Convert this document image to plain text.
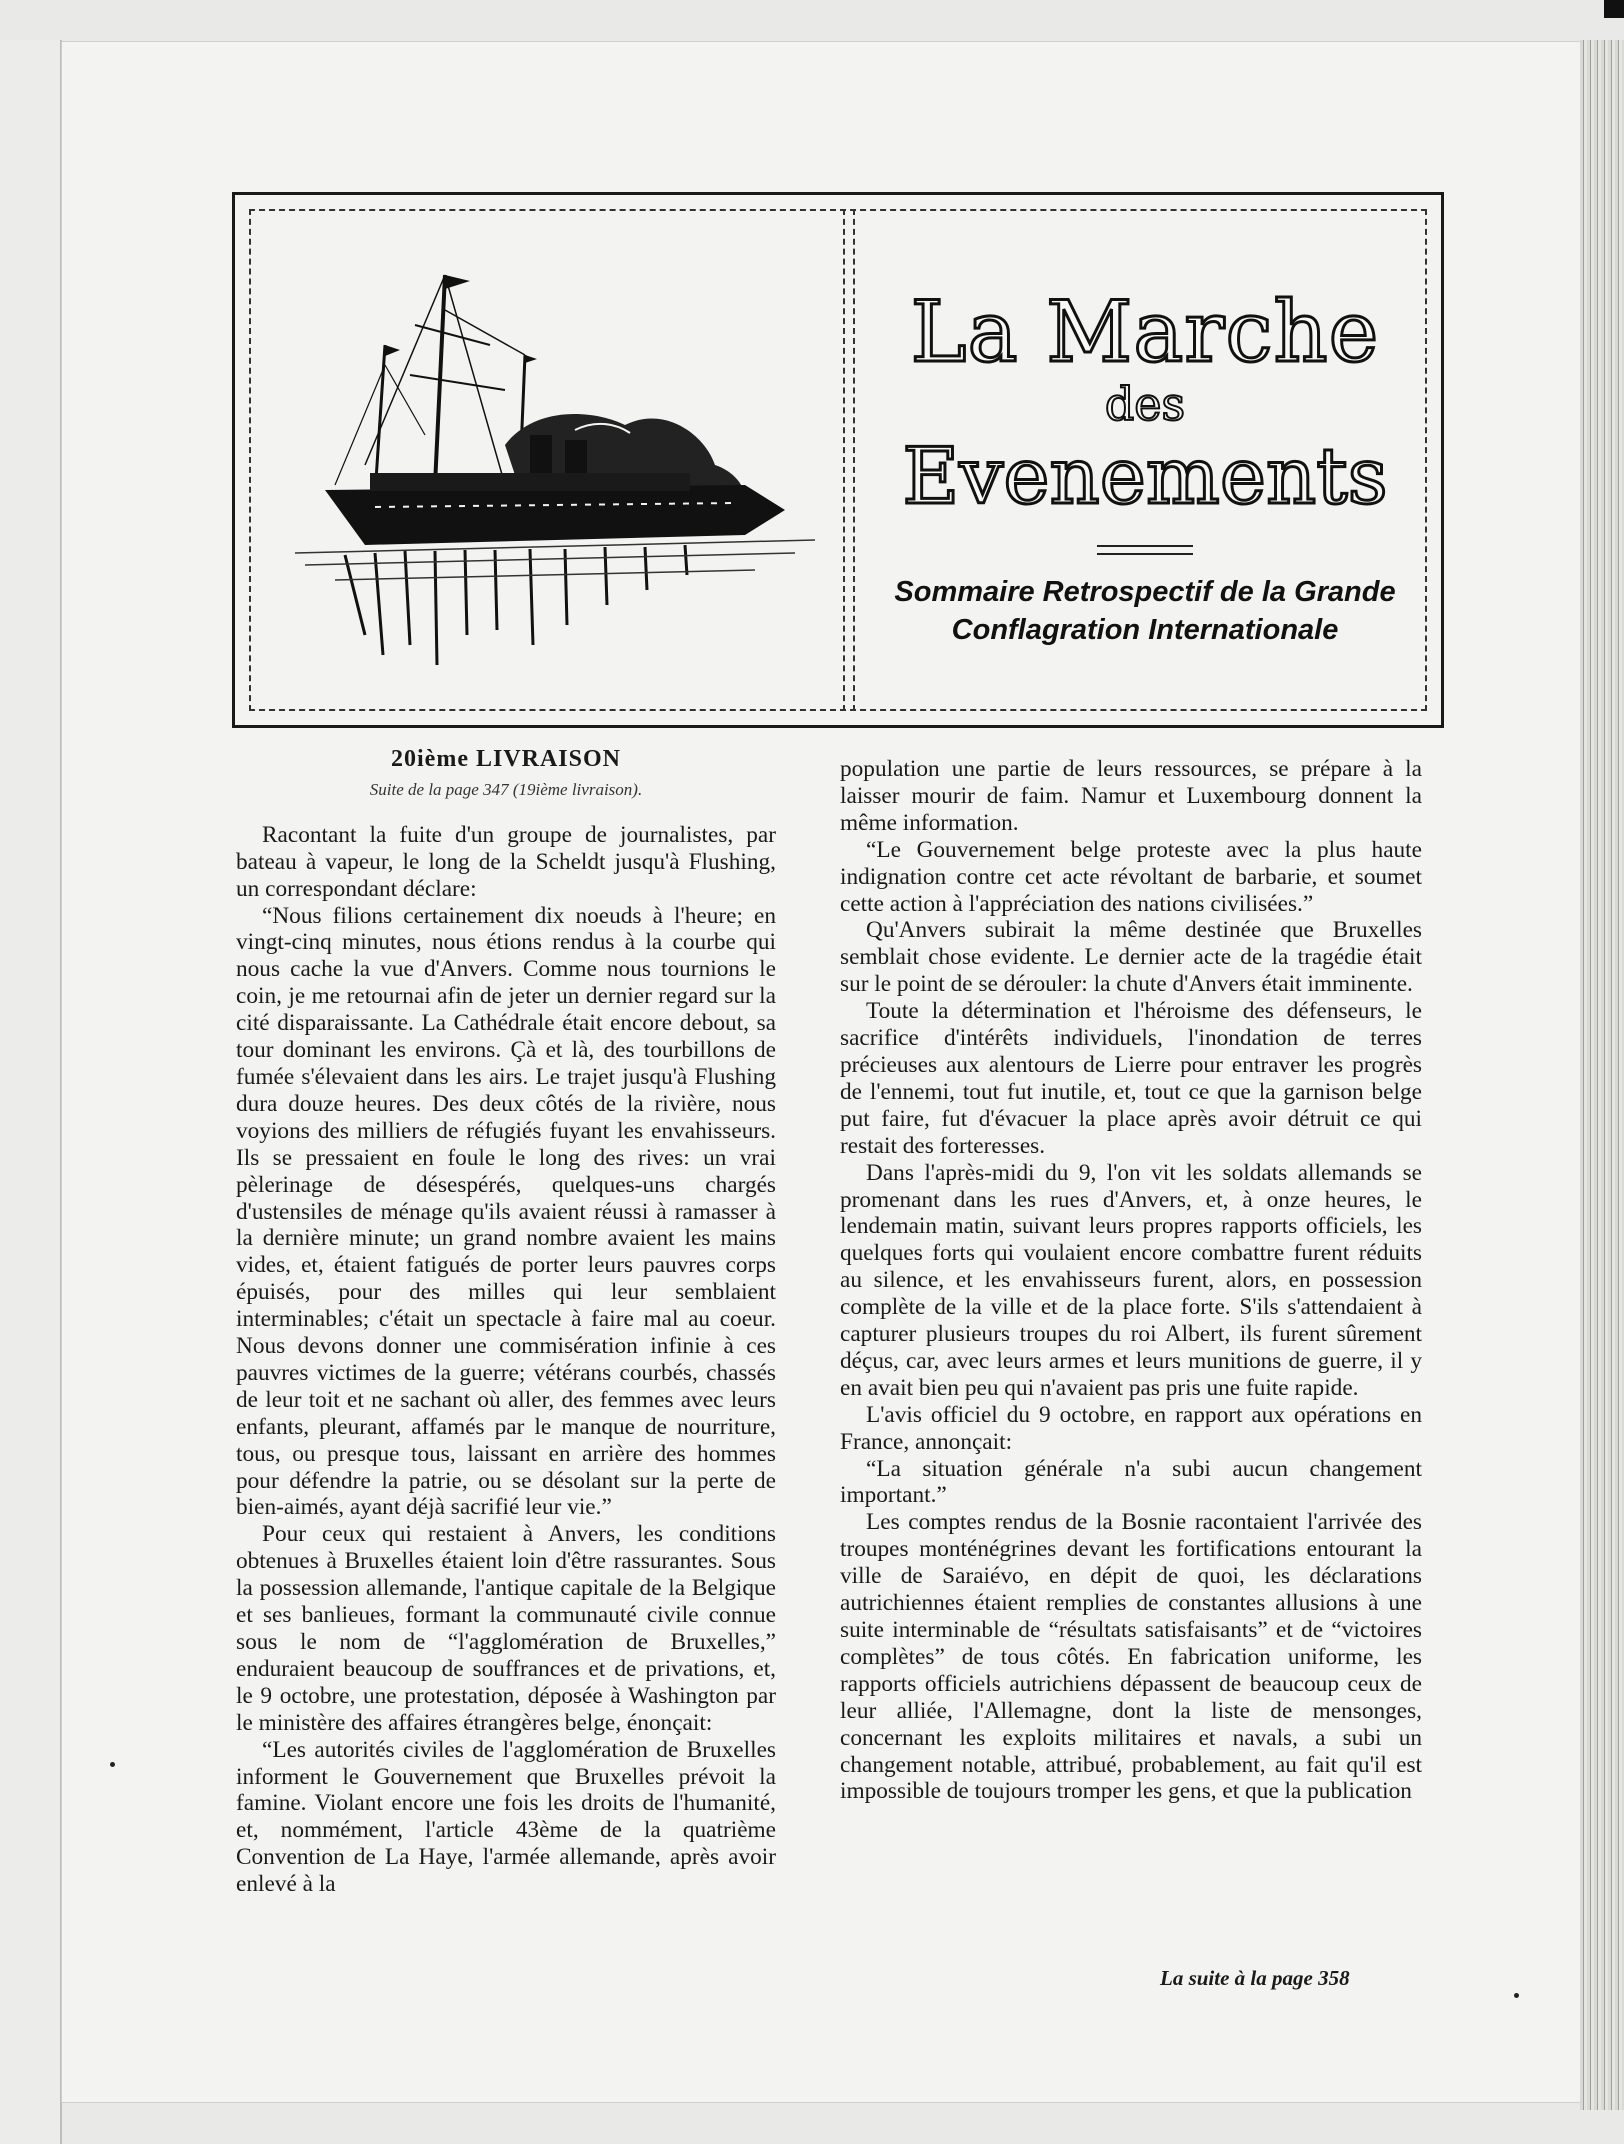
La Marche
des
Evenements
Sommaire Retrospectif de la Grande
Conflagration Internationale
20ième LIVRAISON
Suite de la page 347 (19ième livraison).

Racontant la fuite d'un groupe de journalistes, par bateau à vapeur, le long de la Scheldt jusqu'à Flushing, un correspondant déclare:

“Nous filions certainement dix noeuds à l'heure; en vingt-cinq minutes, nous étions rendus à la courbe qui nous cache la vue d'Anvers. Comme nous tournions le coin, je me retournai afin de jeter un dernier regard sur la cité disparaissante. La Cathédrale était encore debout, sa tour dominant les environs. Çà et là, des tourbillons de fumée s'élevaient dans les airs. Le trajet jusqu'à Flushing dura douze heures. Des deux côtés de la rivière, nous voyions des milliers de réfugiés fuyant les envahisseurs. Ils se pressaient en foule le long des rives: un vrai pèlerinage de désespérés, quelques-uns chargés d'ustensiles de ménage qu'ils avaient réussi à ramasser à la dernière minute; un grand nombre avaient les mains vides, et, étaient fatigués de porter leurs pauvres corps épuisés, pour des milles qui leur semblaient interminables; c'était un spectacle à faire mal au coeur. Nous devons donner une commisération infinie à ces pauvres victimes de la guerre; vétérans courbés, chassés de leur toit et ne sachant où aller, des femmes avec leurs enfants, pleurant, affamés par le manque de nourriture, tous, ou presque tous, laissant en arrière des hommes pour défendre la patrie, ou se désolant sur la perte de bien-aimés, ayant déjà sacrifié leur vie.”

Pour ceux qui restaient à Anvers, les conditions obtenues à Bruxelles étaient loin d'être rassurantes. Sous la possession allemande, l'antique capitale de la Belgique et ses banlieues, formant la communauté civile connue sous le nom de “l'agglomération de Bruxelles,” enduraient beaucoup de souffrances et de privations, et, le 9 octobre, une protestation, déposée à Washington par le ministère des affaires étrangères belge, énonçait:

“Les autorités civiles de l'agglomération de Bruxelles informent le Gouvernement que Bruxelles prévoit la famine. Violant encore une fois les droits de l'humanité, et, nommément, l'article 43ème de la quatrième Convention de La Haye, l'armée allemande, après avoir enlevé à la

population une partie de leurs ressources, se prépare à la laisser mourir de faim. Namur et Luxembourg donnent la même information.

“Le Gouvernement belge proteste avec la plus haute indignation contre cet acte révoltant de barbarie, et soumet cette action à l'appréciation des nations civilisées.”

Qu'Anvers subirait la même destinée que Bruxelles semblait chose evidente. Le dernier acte de la tragédie était sur le point de se dérouler: la chute d'Anvers était imminente.

Toute la détermination et l'héroisme des défenseurs, le sacrifice d'intérêts individuels, l'inondation de terres précieuses aux alentours de Lierre pour entraver les progrès de l'ennemi, tout fut inutile, et, tout ce que la garnison belge put faire, fut d'évacuer la place après avoir détruit ce qui restait des forteresses.

Dans l'après-midi du 9, l'on vit les soldats allemands se promenant dans les rues d'Anvers, et, à onze heures, le lendemain matin, suivant leurs propres rapports officiels, les quelques forts qui voulaient encore combattre furent réduits au silence, et les envahisseurs furent, alors, en possession complète de la ville et de la place forte. S'ils s'attendaient à capturer plusieurs troupes du roi Albert, ils furent sûrement déçus, car, avec leurs armes et leurs munitions de guerre, il y en avait bien peu qui n'avaient pas pris une fuite rapide.

L'avis officiel du 9 octobre, en rapport aux opérations en France, annonçait:

“La situation générale n'a subi aucun changement important.”

Les comptes rendus de la Bosnie racontaient l'arrivée des troupes monténégrines devant les fortifications entourant la ville de Saraiévo, en dépit de quoi, les déclarations autrichiennes étaient remplies de constantes allusions à une suite interminable de “résultats satisfaisants” et de “victoires complètes” de tous côtés. En fabrication uniforme, les rapports officiels autrichiens dépassent de beaucoup ceux de leur alliée, l'Allemagne, dont la liste de mensonges, concernant les exploits militaires et navals, a subi un changement notable, attribué, probablement, au fait qu'il est impossible de toujours tromper les gens, et que la publication

La suite à la page 358
